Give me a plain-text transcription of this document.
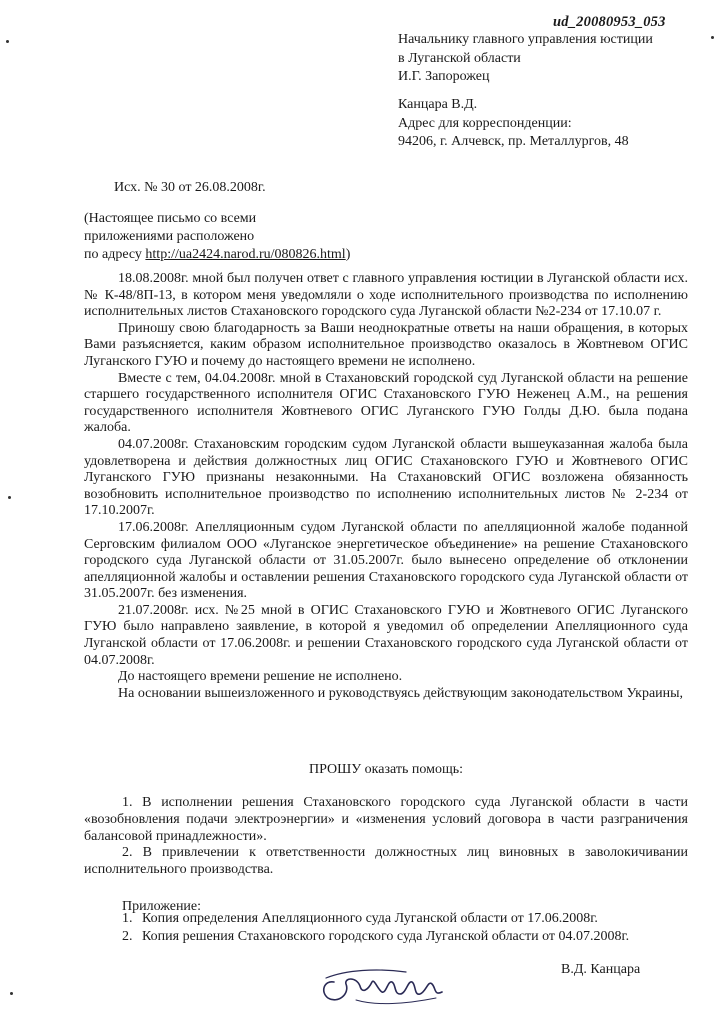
ud_20080953_053
Начальнику главного управления юстиции
в Луганской области
И.Г. Запорожец
Канцара В.Д.
Адрес для корреспонденции:
94206, г. Алчевск, пр. Металлургов, 48
Исх. № 30 от 26.08.2008г.
(Настоящее письмо со всеми
приложениями расположено
по адресу http://ua2424.narod.ru/080826.html)

18.08.2008г. мной был получен ответ с главного управления юстиции в Луганской области исх. № К-48/8П-13, в котором меня уведомляли о ходе исполнительного производства по исполнению исполнительных листов Стахановского городского суда Луганской области №2-234 от 17.10.07 г.

Приношу свою благодарность за Ваши неоднократные ответы на наши обращения, в которых Вами разъясняется, каким образом исполнительное производство оказалось в Жовтневом ОГИС Луганского ГУЮ и почему до настоящего времени не исполнено.

Вместе с тем, 04.04.2008г. мной в Стахановский городской суд Луганской области на решение старшего государственного исполнителя ОГИС Стахановского ГУЮ Неженец А.М., на решения государственного исполнителя Жовтневого ОГИС Луганского ГУЮ Голды Д.Ю. была подана жалоба.

04.07.2008г. Стахановским городским судом Луганской области вышеуказанная жалоба была удовлетворена и действия должностных лиц ОГИС Стахановского ГУЮ и Жовтневого ОГИС Луганского ГУЮ признаны незаконными. На Стахановский ОГИС возложена обязанность возобновить исполнительное производство по исполнению исполнительных листов № 2-234 от 17.10.2007г.

17.06.2008г. Апелляционным судом Луганской области по апелляционной жалобе поданной Серговским филиалом ООО «Луганское энергетическое объединение» на решение Стахановского городского суда Луганской области от 31.05.2007г. было вынесено определение об отклонении апелляционной жалобы и оставлении решения Стахановского городского суда Луганской области от 31.05.2007г. без изменения.

21.07.2008г. исх. №25 мной в ОГИС Стахановского ГУЮ и Жовтневого ОГИС Луганского ГУЮ было направлено заявление, в которой я уведомил об определении Апелляционного суда Луганской области от 17.06.2008г. и решении Стахановского городского суда Луганской области от 04.07.2008г.

До настоящего времени решение не исполнено.

На основании вышеизложенного и руководствуясь действующим законодательством Украины,

ПРОШУ оказать помощь:

1. В исполнении решения Стахановского городского суда Луганской области в части «возобновления подачи электроэнергии» и «изменения условий договора в части разграничения балансовой принадлежности».

2. В привлечении к ответственности должностных лиц виновных в заволокичивании исполнительного производства.

Приложение:
1. Копия определения Апелляционного суда Луганской области от 17.06.2008г.
2. Копия решения Стахановского городского суда Луганской области от 04.07.2008г.
В.Д. Канцара
